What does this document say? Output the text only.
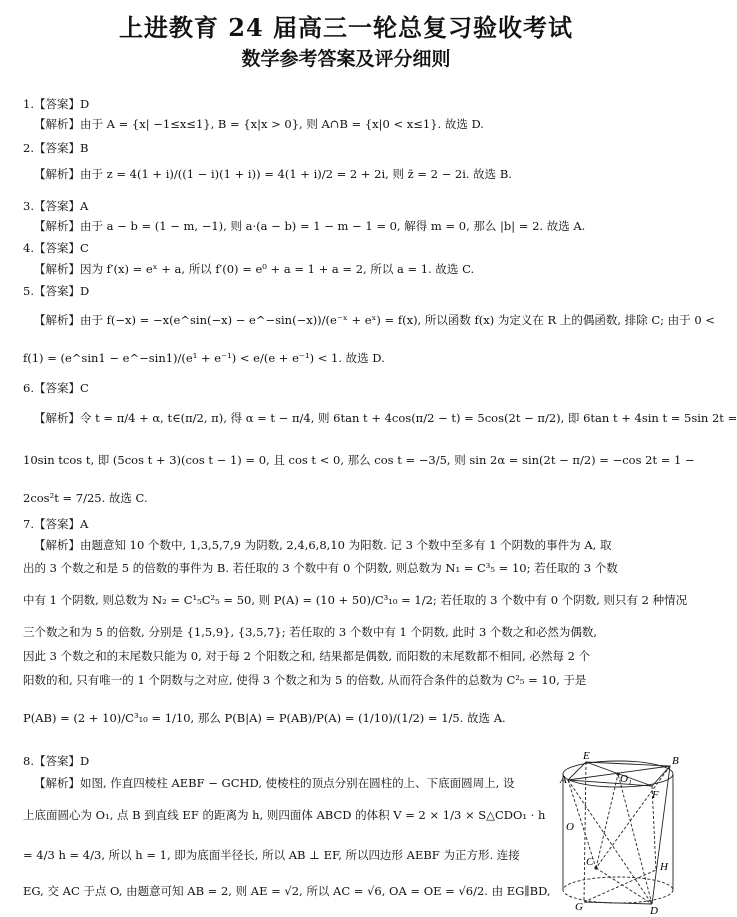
上进教育 24 届高三一轮总复习验收考试
数学参考答案及评分细则
1.【答案】D
【解析】由于 A = {x| −1≤x≤1}, B = {x|x > 0}, 则 A∩B = {x|0 < x≤1}. 故选 D.
2.【答案】B
【解析】由于 z = 4(1 + i)/((1 − i)(1 + i)) = 4(1 + i)/2 = 2 + 2i, 则 z̄ = 2 − 2i. 故选 B.
3.【答案】A
【解析】由于 a − b = (1 − m, −1), 则 a·(a − b) = 1 − m − 1 = 0, 解得 m = 0, 那么 |b| = 2. 故选 A.
4.【答案】C
【解析】因为 f′(x) = eˣ + a, 所以 f′(0) = e⁰ + a = 1 + a = 2, 所以 a = 1. 故选 C.
5.【答案】D
【解析】由于 f(−x) = −x(e^sin(−x) − e^−sin(−x))/(e⁻ˣ + eˣ) = f(x), 所以函数 f(x) 为定义在 R 上的偶函数, 排除 C; 由于 0 <
f(1) = (e^sin1 − e^−sin1)/(e¹ + e⁻¹) < e/(e + e⁻¹) < 1. 故选 D.
6.【答案】C
【解析】令 t = π/4 + α, t∈(π/2, π), 得 α = t − π/4, 则 6tan t + 4cos(π/2 − t) = 5cos(2t − π/2), 即 6tan t + 4sin t = 5sin 2t =
10sin tcos t, 即 (5cos t + 3)(cos t − 1) = 0, 且 cos t < 0, 那么 cos t = −3/5, 则 sin 2α = sin(2t − π/2) = −cos 2t = 1 −
2cos²t = 7/25. 故选 C.
7.【答案】A
【解析】由题意知 10 个数中, 1,3,5,7,9 为阴数, 2,4,6,8,10 为阳数. 记 3 个数中至多有 1 个阴数的事件为 A, 取
出的 3 个数之和是 5 的倍数的事件为 B. 若任取的 3 个数中有 0 个阴数, 则总数为 N₁ = C³₅ = 10; 若任取的 3 个数
中有 1 个阴数, 则总数为 N₂ = C¹₅C²₅ = 50, 则 P(A) = (10 + 50)/C³₁₀ = 1/2; 若任取的 3 个数中有 0 个阴数, 则只有 2 种情况
三个数之和为 5 的倍数, 分别是 {1,5,9}, {3,5,7}; 若任取的 3 个数中有 1 个阴数, 此时 3 个数之和必然为偶数,
因此 3 个数之和的末尾数只能为 0, 对于每 2 个阳数之和, 结果都是偶数, 而阳数的末尾数都不相同, 必然每 2 个
阳数的和, 只有唯一的 1 个阴数与之对应, 使得 3 个数之和为 5 的倍数, 从而符合条件的总数为 C²₅ = 10, 于是
P(AB) = (2 + 10)/C³₁₀ = 1/10, 那么 P(B|A) = P(AB)/P(A) = (1/10)/(1/2) = 1/5. 故选 A.
8.【答案】D
【解析】如图, 作直四棱柱 AEBF − GCHD, 使棱柱的顶点分别在圆柱的上、下底面圆周上, 设
上底面圆心为 O₁, 点 B 到直线 EF 的距离为 h, 则四面体 ABCD 的体积 V = 2 × 1/3 × S△CDO₁ · h
= 4/3 h = 4/3, 所以 h = 1, 即为底面半径长, 所以 AB ⊥ EF, 所以四边形 AEBF 为正方形. 连接
EG, 交 AC 于点 O, 由题意可知 AB = 2, 则 AE = √2, 所以 AC = √6, OA = OE = √6/2. 由 EG∥BD,
E
A	O₁
B
F
O
C	H
G	D
